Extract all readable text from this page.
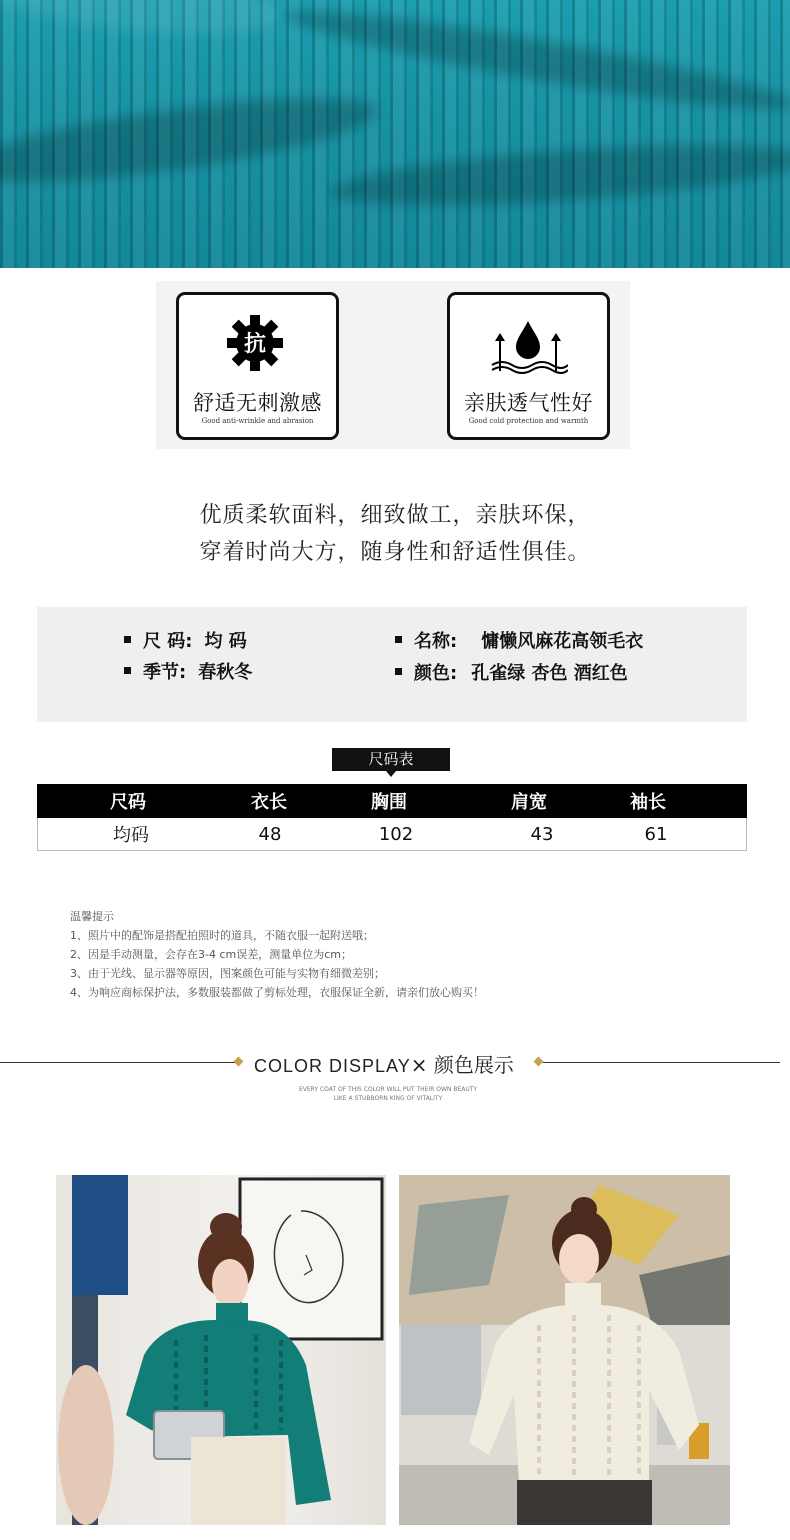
抗
舒适无刺激感
Good anti-wrinkle and abrasion
亲肤透气性好
Good cold protection and warmth
优质柔软面料，细致做工，亲肤环保，
穿着时尚大方，随身性和舒适性俱佳。
尺 码: 均 码
季节: 春秋冬
名称: 慵懒风麻花高领毛衣
颜色: 孔雀绿 杏色 酒红色
尺码表
尺码	衣长	胸围	肩宽	袖长
均码	48	102	43	61
温馨提示
1、照片中的配饰是搭配拍照时的道具，不随衣服一起附送哦；
2、因是手动测量，会存在3-4 cm误差，测量单位为cm；
3、由于光线、显示器等原因，图案颜色可能与实物有细微差别；
4、为响应商标保护法，多数服装都做了剪标处理，衣服保证全新，请亲们放心购买！
COLOR DISPLAY× 颜色展示
EVERY COAT OF THIS COLOR WILL PUT THEIR OWN BEAUTY
LIKE A STUBBORN KING OF VITALITY
